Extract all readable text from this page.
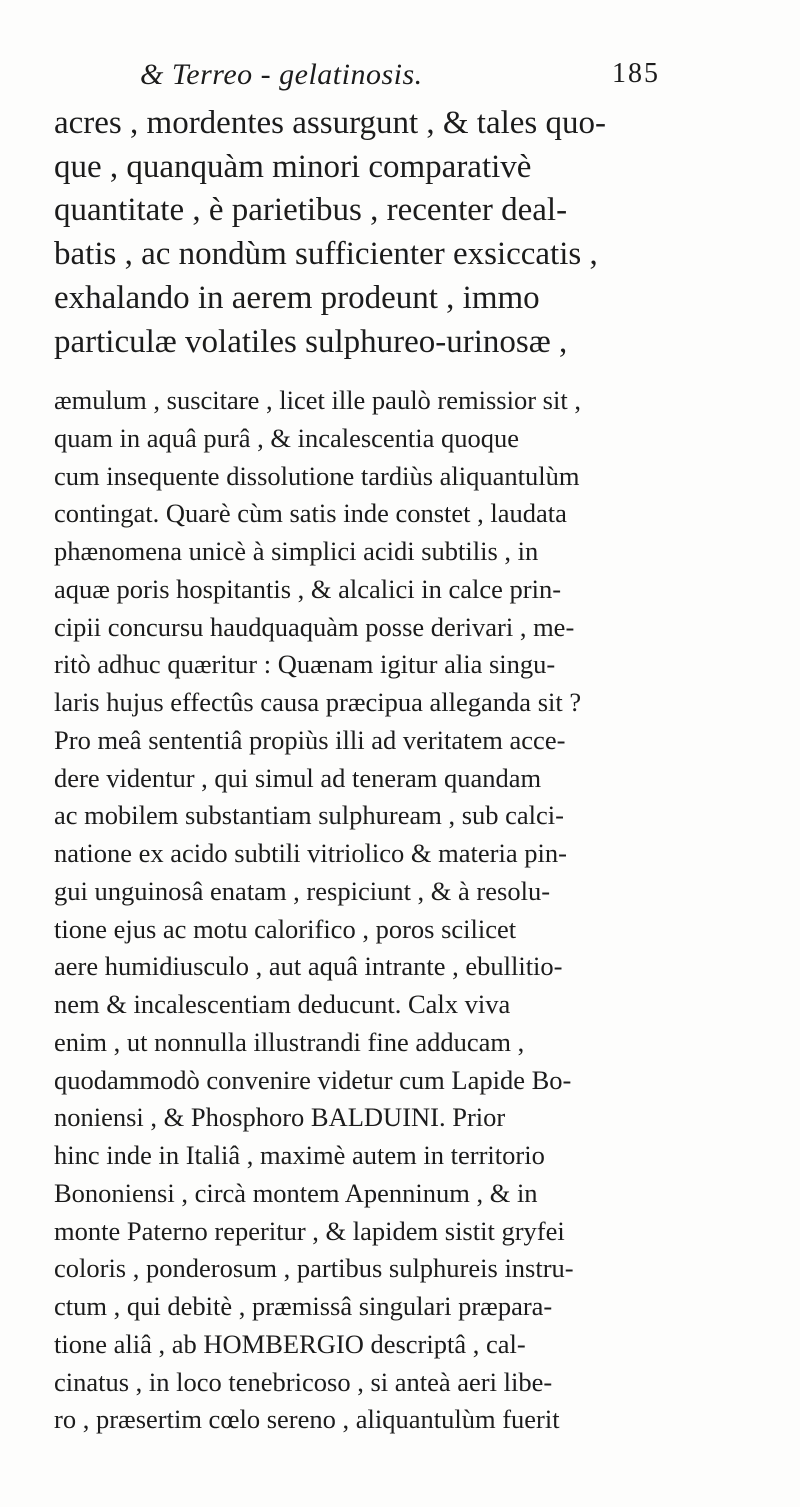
& Terreo - gelatinosis.	185

acres , mordentes assurgunt , & tales quo-
que , quanquàm minori comparativè
quantitate , è parietibus , recenter deal-
batis , ac nondùm sufficienter exsiccatis ,
exhalando in aerem prodeunt , immo
particulæ volatiles sulphureo-urinosæ ,

æmulum , suscitare , licet ille paulò remissior sit ,
quam in aquâ purâ , & incalescentia quoque
cum insequente dissolutione tardiùs aliquantulùm
contingat. Quarè cùm satis inde constet , laudata
phænomena unicè à simplici acidi subtilis , in
aquæ poris hospitantis , & alcalici in calce prin-
cipii concursu haudquaquàm posse derivari , me-
ritò adhuc quæritur : Quænam igitur alia singu-
laris hujus effectûs causa præcipua alleganda sit ?
Pro meâ sententiâ propiùs illi ad veritatem acce-
dere videntur , qui simul ad teneram quandam
ac mobilem substantiam sulphuream , sub calci-
natione ex acido subtili vitriolico & materia pin-
gui unguinosâ enatam , respiciunt , & à resolu-
tione ejus ac motu calorifico , poros scilicet
aere humidiusculo , aut aquâ intrante , ebullitio-
nem & incalescentiam deducunt. Calx viva
enim , ut nonnulla illustrandi fine adducam ,
quodammodò convenire videtur cum Lapide Bo-
noniensi , & Phosphoro BALDUINI. Prior
hinc inde in Italiâ , maximè autem in territorio
Bononiensi , circà montem Apenninum , & in
monte Paterno reperitur , & lapidem sistit gryfei
coloris , ponderosum , partibus sulphureis instru-
ctum , qui debitè , præmissâ singulari præpara-
tione aliâ , ab HOMBERGIO descriptâ , cal-
cinatus , in loco tenebricoso , si anteà aeri libe-
ro , præsertim cœlo sereno , aliquantulùm fuerit
